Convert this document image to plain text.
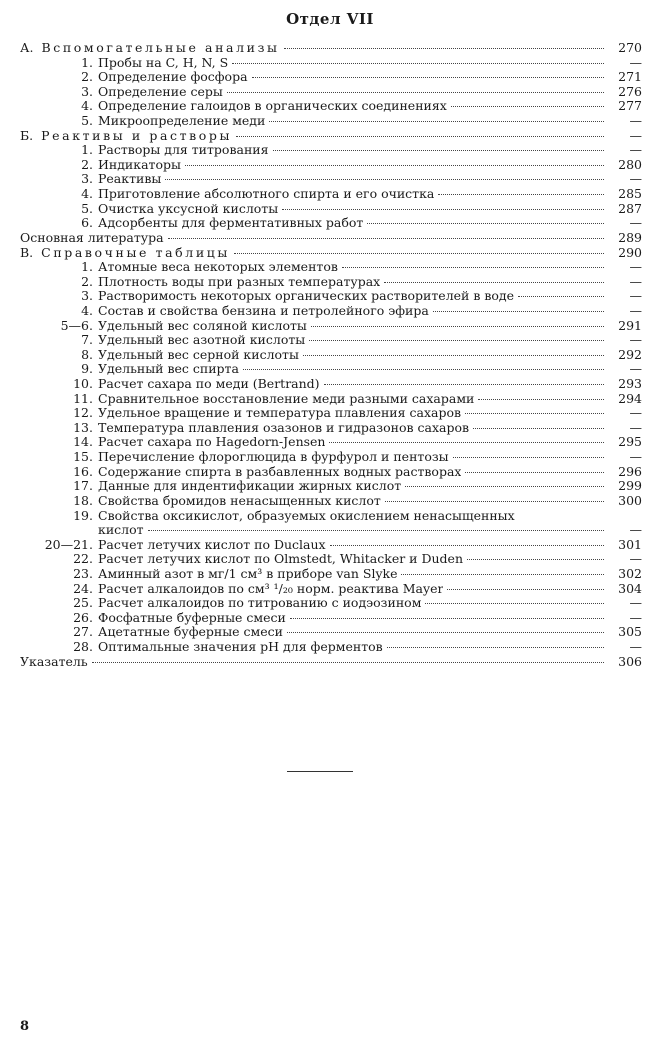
Отдел VII
А. Вспомогательные анализы	270
1. Пробы на C, H, N, S	—
2. Определение фосфора	271
3. Определение серы	276
4. Определение галоидов в органических соединениях	277
5. Микроопределение меди	—
Б. Реактивы и растворы	—
1. Растворы для титрования	—
2. Индикаторы	280
3. Реактивы	—
4. Приготовление абсолютного спирта и его очистка	285
5. Очистка уксусной кислоты	287
6. Адсорбенты для ферментативных работ	—
Основная литература	289
В. Справочные таблицы	290
1. Атомные веса некоторых элементов	—
2. Плотность воды при разных температурах	—
3. Растворимость некоторых органических растворителей в воде	—
4. Состав и свойства бензина и петролейного эфира	—
5—6. Удельный вес соляной кислоты	291
7. Удельный вес азотной кислоты	—
8. Удельный вес серной кислоты	292
9. Удельный вес спирта	—
10. Расчет сахара по меди (Bertrand)	293
11. Сравнительное восстановление меди разными сахарами	294
12. Удельное вращение и температура плавления сахаров	—
13. Температура плавления озазонов и гидразонов сахаров	—
14. Расчет сахара по Hagedorn-Jensen	295
15. Перечисление флороглюцида в фурфурол и пентозы	—
16. Содержание спирта в разбавленных водных растворах	296
17. Данные для индентификации жирных кислот	299
18. Свойства бромидов ненасыщенных кислот	300
19. Свойства оксикислот, образуемых окислением ненасыщенных
кислот	—
20—21. Расчет летучих кислот по Duclaux	301
22. Расчет летучих кислот по Olmstedt, Whitacker и Duden	—
23. Аминный азот в мг/1 см³ в приборе van Slyke	302
24. Расчет алкалоидов по см³ ¹/₂₀ норм. реактива Mayer	304
25. Расчет алкалоидов по титрованию с иодэозином	—
26. Фосфатные буферные смеси	—
27. Ацетатные буферные смеси	305
28. Оптимальные значения pH для ферментов	—
Указатель	306
8
